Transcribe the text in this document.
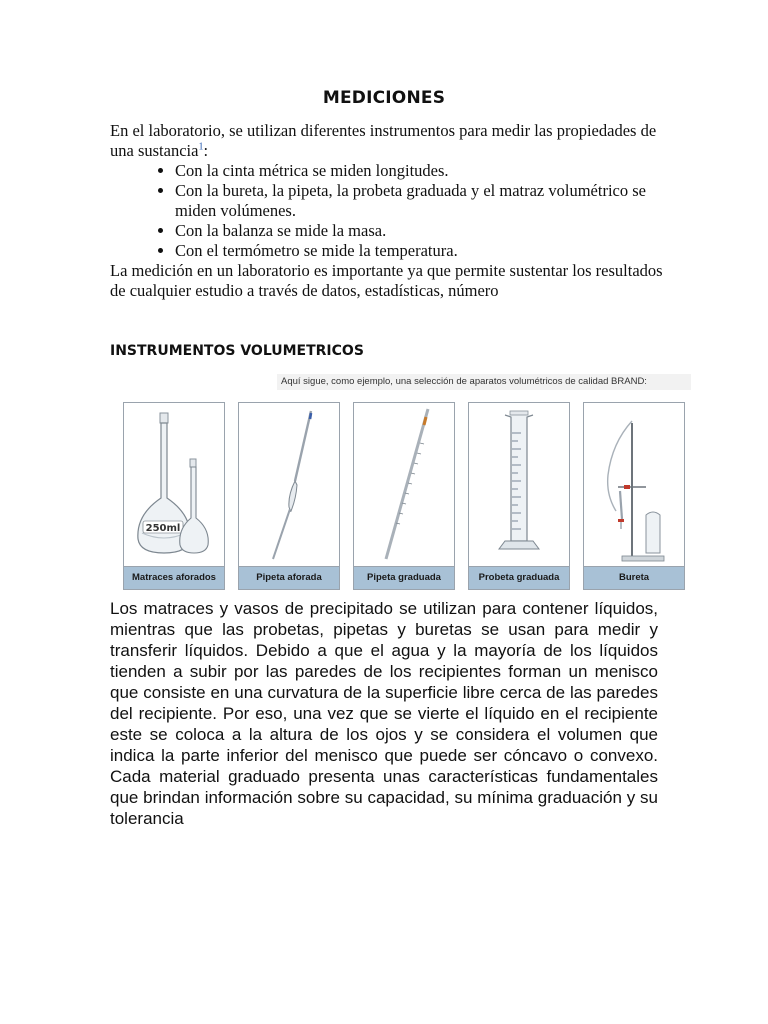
MEDICIONES

En el laboratorio, se utilizan diferentes instrumentos para medir las propiedades de una sustancia$^1$:

• Con la cinta métrica se miden longitudes.
• Con la bureta, la pipeta, la probeta graduada y el matraz volumétrico se miden volúmenes.
• Con la balanza se mide la masa.
• Con el termómetro se mide la temperatura.

La medición en un laboratorio es importante ya que permite sustentar los resultados de cualquier estudio a través de datos, estadísticas, número

INSTRUMENTOS VOLUMETRICOS
Aquí sigue, como ejemplo, una selección de aparatos volumétricos de calidad BRAND:
250ml
Matraces aforados	Pipeta aforada	Pipeta graduada	Probeta graduada	Bureta
Los matraces y vasos de precipitado se utilizan para contener líquidos, mientras que las probetas, pipetas y buretas se usan para medir y transferir líquidos. Debido a que el agua y la mayoría de los líquidos tienden a subir por las paredes de los recipientes forman un menisco que consiste en una curvatura de la superficie libre cerca de las paredes del recipiente. Por eso, una vez que se vierte el líquido en el recipiente este se coloca a la altura de los ojos y se considera el volumen que indica la parte inferior del menisco que puede ser cóncavo o convexo. Cada material graduado presenta unas características fundamentales que brindan información sobre su capacidad, su mínima graduación y su tolerancia
